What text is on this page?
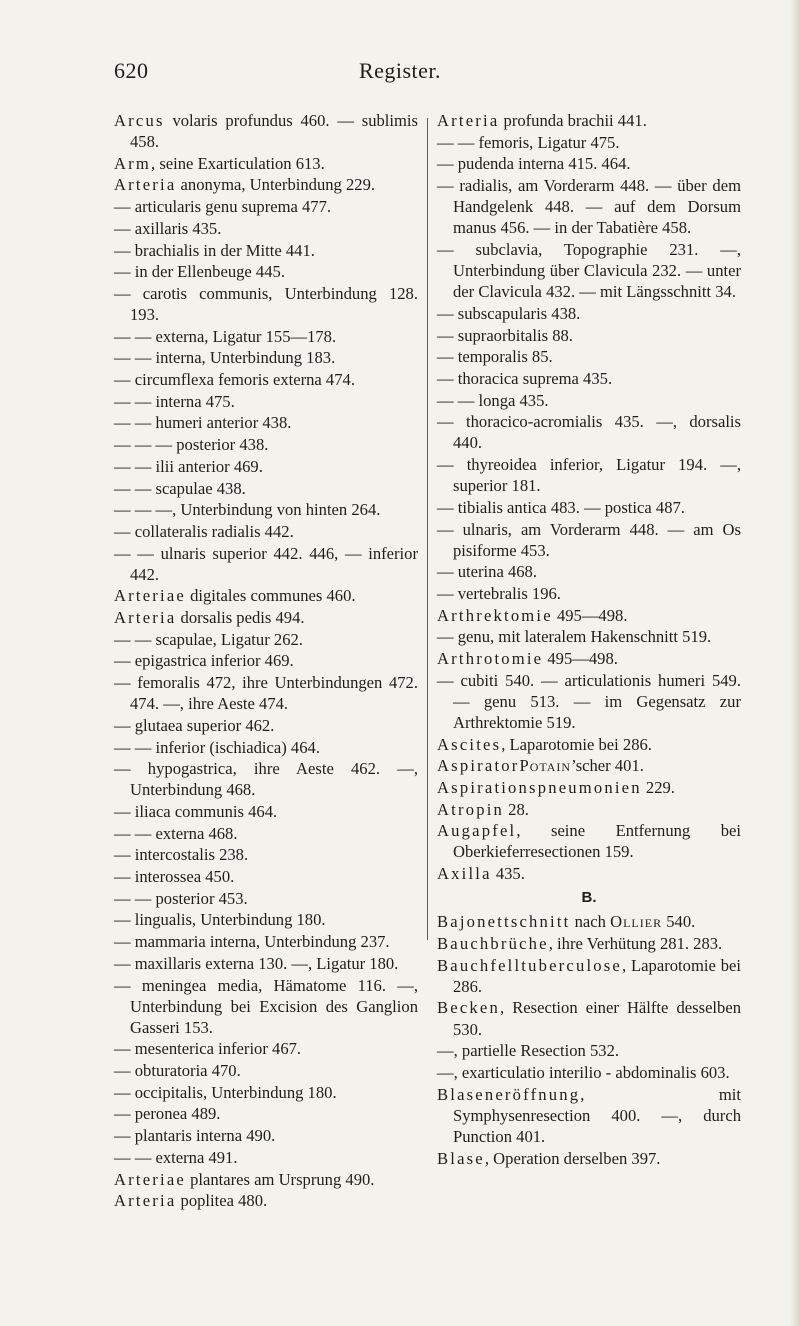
620	Register.
Arcus volaris profundus 460. — sublimis 458.
Arm, seine Exarticulation 613.
Arteria anonyma, Unterbindung 229.
— articularis genu suprema 477.
— axillaris 435.
— brachialis in der Mitte 441.
— in der Ellenbeuge 445.
— carotis communis, Unterbindung 128. 193.
— — externa, Ligatur 155—178.
— — interna, Unterbindung 183.
— circumflexa femoris externa 474.
— — interna 475.
— — humeri anterior 438.
— — — posterior 438.
— — ilii anterior 469.
— — scapulae 438.
— — —, Unterbindung von hinten 264.
— collateralis radialis 442.
— — ulnaris superior 442. 446, — inferior 442.
Arteriae digitales communes 460.
Arteria dorsalis pedis 494.
— — scapulae, Ligatur 262.
— epigastrica inferior 469.
— femoralis 472, ihre Unterbindungen 472. 474. —, ihre Aeste 474.
— glutaea superior 462.
— — inferior (ischiadica) 464.
— hypogastrica, ihre Aeste 462. —, Unterbindung 468.
— iliaca communis 464.
— — externa 468.
— intercostalis 238.
— interossea 450.
— — posterior 453.
— lingualis, Unterbindung 180.
— mammaria interna, Unterbindung 237.
— maxillaris externa 130. —, Ligatur 180.
— meningea media, Hämatome 116. —, Unterbindung bei Excision des Ganglion Gasseri 153.
— mesenterica inferior 467.
— obturatoria 470.
— occipitalis, Unterbindung 180.
— peronea 489.
— plantaris interna 490.
— — externa 491.
Arteriae plantares am Ursprung 490.
Arteria poplitea 480.
Arteria profunda brachii 441.
— — femoris, Ligatur 475.
— pudenda interna 415. 464.
— radialis, am Vorderarm 448. — über dem Handgelenk 448. — auf dem Dorsum manus 456. — in der Tabatière 458.
— subclavia, Topographie 231. —, Unterbindung über Clavicula 232. — unter der Clavicula 432. — mit Längsschnitt 34.
— subscapularis 438.
— supraorbitalis 88.
— temporalis 85.
— thoracica suprema 435.
— — longa 435.
— thoracico-acromialis 435. —, dorsalis 440.
— thyreoidea inferior, Ligatur 194. —, superior 181.
— tibialis antica 483. — postica 487.
— ulnaris, am Vorderarm 448. — am Os pisiforme 453.
— uterina 468.
— vertebralis 196.
Arthrektomie 495—498.
— genu, mit lateralem Hakenschnitt 519.
Arthrotomie 495—498.
— cubiti 540. — articulationis humeri 549. — genu 513. — im Gegensatz zur Arthrektomie 519.
Ascites, Laparotomie bei 286.
AspiratorPotain’scher 401.
Aspirationspneumonien 229.
Atropin 28.
Augapfel, seine Entfernung bei Oberkieferresectionen 159.
Axilla 435.
B.
Bajonettschnitt nach Ollier 540.
Bauchbrüche, ihre Verhütung 281. 283.
Bauchfelltuberculose, Laparotomie bei 286.
Becken, Resection einer Hälfte desselben 530.
—, partielle Resection 532.
—, exarticulatio interilio - abdominalis 603.
Blaseneröffnung, mit Symphysenresection 400. —, durch Punction 401.
Blase, Operation derselben 397.
